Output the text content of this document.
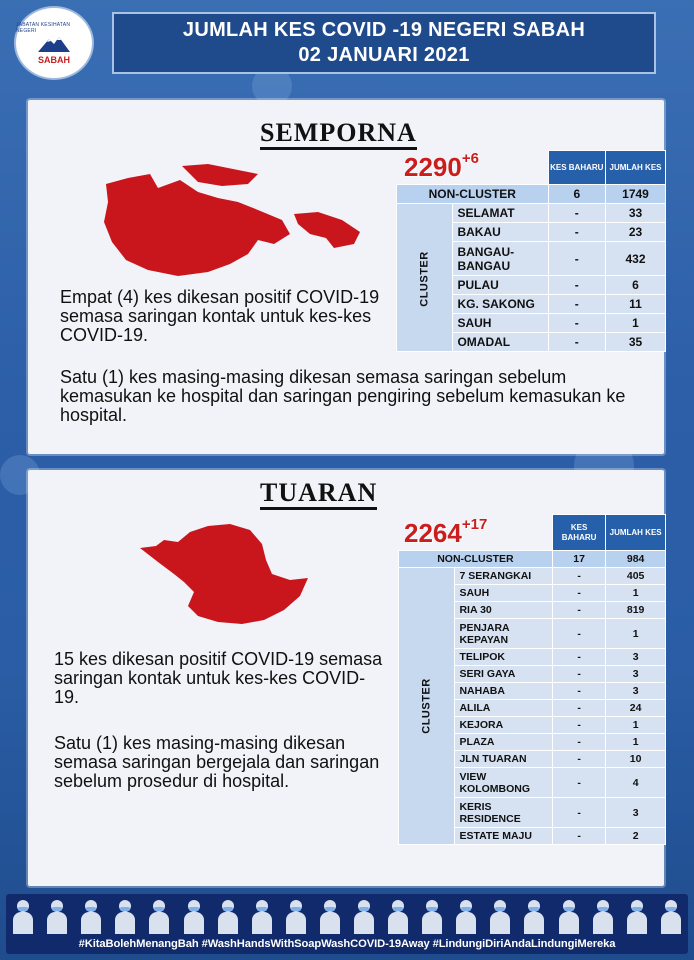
JABATAN KESIHATAN NEGERI
SABAH
JUMLAH KES COVID -19 NEGERI SABAH
02 JANUARI 2021
SEMPORNA
$2290^{+6}$
		KES BAHARU	JUMLAH KES
NON-CLUSTER		6	1749
CLUSTER	SELAMAT	-	33
	BAKAU	-	23
	BANGAU-BANGAU	-	432
	PULAU	-	6
	KG. SAKONG	-	11
	SAUH	-	1
	OMADAL	-	35
Empat (4) kes dikesan positif COVID-19 semasa saringan kontak untuk kes-kes COVID-19.
Satu (1) kes masing-masing dikesan semasa saringan sebelum kemasukan ke hospital dan saringan pengiring sebelum kemasukan ke hospital.
TUARAN
$2264^{+17}$
		KES BAHARU	JUMLAH KES
NON-CLUSTER		17	984
CLUSTER	7 SERANGKAI	-	405
	SAUH	-	1
	RIA 30	-	819
	PENJARA KEPAYAN	-	1
	TELIPOK	-	3
	SERI GAYA	-	3
	NAHABA	-	3
	ALILA	-	24
	KEJORA	-	1
	PLAZA	-	1
	JLN TUARAN	-	10
	VIEW KOLOMBONG	-	4
	KERIS RESIDENCE	-	3
	ESTATE MAJU	-	2
15 kes dikesan positif COVID-19 semasa saringan kontak untuk kes-kes COVID-19.
Satu (1) kes masing-masing dikesan semasa saringan bergejala dan saringan sebelum prosedur di hospital.
#KitaBolehMenangBah #WashHandsWithSoapWashCOVID-19Away #LindungiDiriAndaLindungiMereka
